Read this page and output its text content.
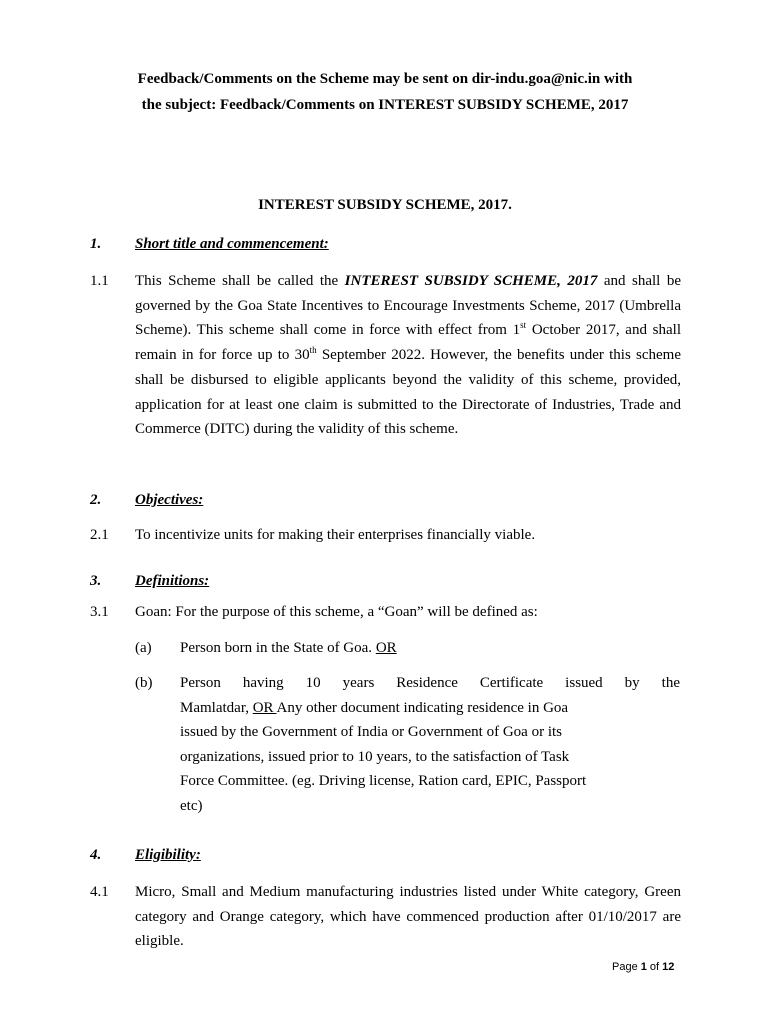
Feedback/Comments on the Scheme may be sent on dir-indu.goa@nic.in with
the subject: Feedback/Comments on INTEREST SUBSIDY SCHEME, 2017
INTEREST SUBSIDY SCHEME, 2017.
1. Short title and commencement:
1.1 This Scheme shall be called the INTEREST SUBSIDY SCHEME, 2017 and shall be governed by the Goa State Incentives to Encourage Investments Scheme, 2017 (Umbrella Scheme). This scheme shall come in force with effect from 1st October 2017, and shall remain in for force up to 30th September 2022. However, the benefits under this scheme shall be disbursed to eligible applicants beyond the validity of this scheme, provided, application for at least one claim is submitted to the Directorate of Industries, Trade and Commerce (DITC) during the validity of this scheme.
2. Objectives:
2.1 To incentivize units for making their enterprises financially viable.
3. Definitions:
3.1 Goan: For the purpose of this scheme, a “Goan” will be defined as:
(a) Person born in the State of Goa. OR
(b) Person having 10 years Residence Certificate issued by the
Mamlatdar, OR Any other document indicating residence in Goa
issued by the Government of India or Government of Goa or its
organizations, issued prior to 10 years, to the satisfaction of Task
Force Committee. (eg. Driving license, Ration card, EPIC, Passport
etc)
4. Eligibility:
4.1 Micro, Small and Medium manufacturing industries listed under White category, Green category and Orange category, which have commenced production after 01/10/2017 are eligible.
Page 1 of 12
